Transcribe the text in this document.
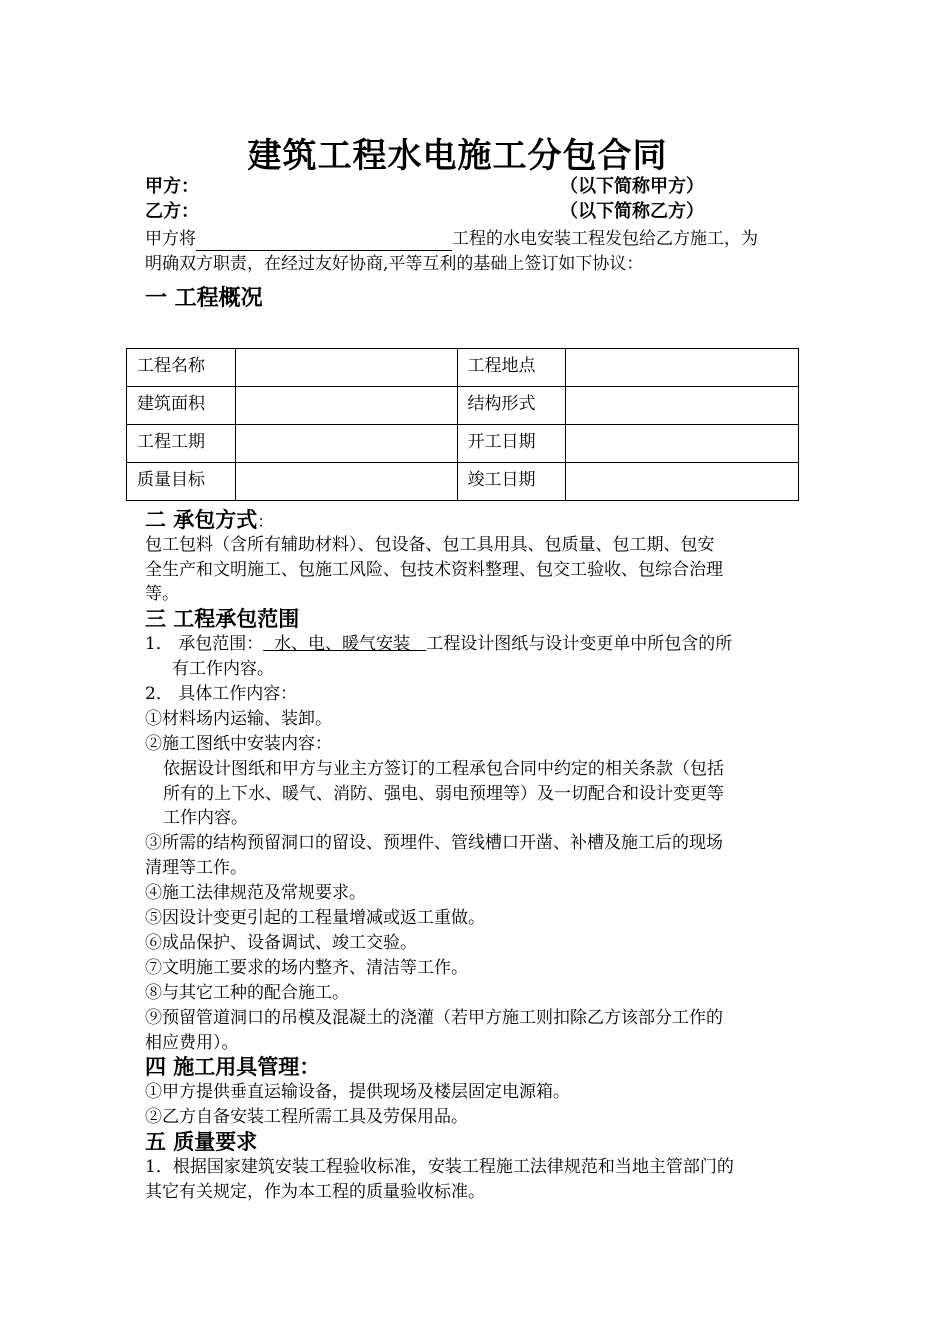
建筑工程水电施工分包合同
甲方：	（以下简称甲方）
乙方：	（以下简称乙方）
甲方将	工程的水电安装工程发包给乙方施工，为
明确双方职责，在经过友好协商,平等互利的基础上签订如下协议：
一 工程概况
工程名称		工程地点	
建筑面积		结构形式	
工程工期		开工日期	
质量目标		竣工日期	
二 承包方式：
包工包料（含所有辅助材料）、包设备、包工具用具、包质量、包工期、包安
全生产和文明施工、包施工风险、包技术资料整理、包交工验收、包综合治理
等。
三 工程承包范围
1． 承包范围：  水、电、暖气安装   工程设计图纸与设计变更单中所包含的所
有工作内容。
2． 具体工作内容：
①材料场内运输、装卸。
②施工图纸中安装内容：
依据设计图纸和甲方与业主方签订的工程承包合同中约定的相关条款（包括
所有的上下水、暖气、消防、强电、弱电预埋等）及一切配合和设计变更等
工作内容。
③所需的结构预留洞口的留设、预埋件、管线槽口开凿、补槽及施工后的现场
清理等工作。
④施工法律规范及常规要求。
⑤因设计变更引起的工程量增减或返工重做。
⑥成品保护、设备调试、竣工交验。
⑦文明施工要求的场内整齐、清洁等工作。
⑧与其它工种的配合施工。
⑨预留管道洞口的吊模及混凝土的浇灌（若甲方施工则扣除乙方该部分工作的
相应费用）。
四 施工用具管理：
①甲方提供垂直运输设备，提供现场及楼层固定电源箱。
②乙方自备安装工程所需工具及劳保用品。
五 质量要求
1．根据国家建筑安装工程验收标准，安装工程施工法律规范和当地主管部门的
其它有关规定，作为本工程的质量验收标准。
